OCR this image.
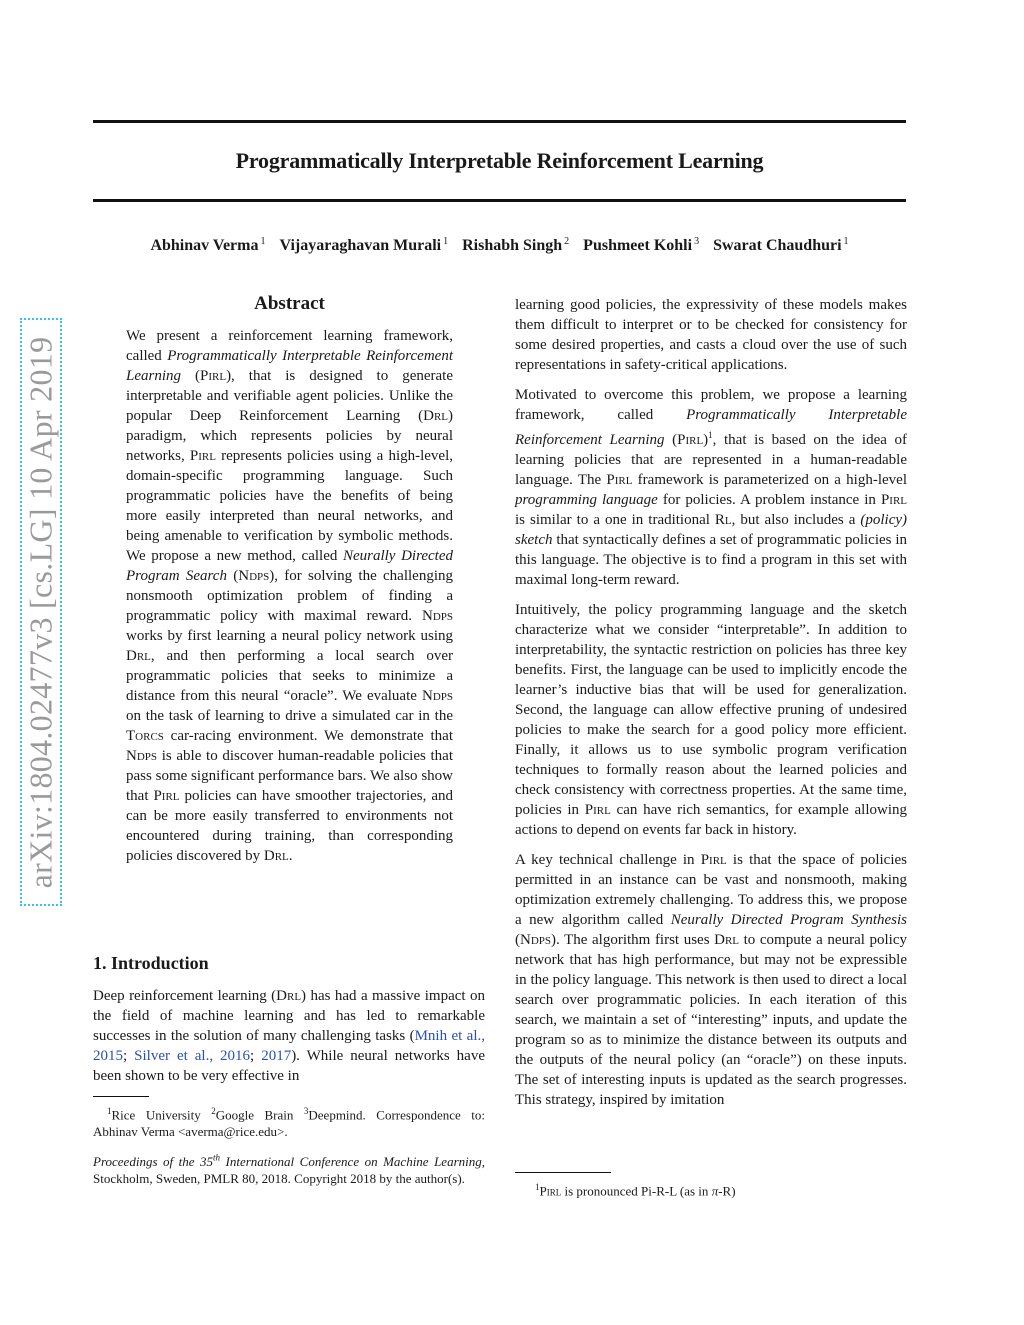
Programmatically Interpretable Reinforcement Learning
Abhinav Verma $^1$ Vijayaraghavan Murali $^1$ Rishabh Singh $^2$ Pushmeet Kohli $^3$ Swarat Chaudhuri $^1$
arXiv:1804.02477v3 [cs.LG] 10 Apr 2019
Abstract

We present a reinforcement learning framework, called Programmatically Interpretable Reinforcement Learning (Pirl), that is designed to generate interpretable and verifiable agent policies. Unlike the popular Deep Reinforcement Learning (Drl) paradigm, which represents policies by neural networks, Pirl represents policies using a high-level, domain-specific programming language. Such programmatic policies have the benefits of being more easily interpreted than neural networks, and being amenable to verification by symbolic methods. We propose a new method, called Neurally Directed Program Search (Ndps), for solving the challenging nonsmooth optimization problem of finding a programmatic policy with maximal reward. Ndps works by first learning a neural policy network using Drl, and then performing a local search over programmatic policies that seeks to minimize a distance from this neural “oracle”. We evaluate Ndps on the task of learning to drive a simulated car in the Torcs car-racing environment. We demonstrate that Ndps is able to discover human-readable policies that pass some significant performance bars. We also show that Pirl policies can have smoother trajectories, and can be more easily transferred to environments not encountered during training, than corresponding policies discovered by Drl.

1. Introduction

Deep reinforcement learning (Drl) has had a massive impact on the field of machine learning and has led to remarkable successes in the solution of many challenging tasks (Mnih et al., 2015; Silver et al., 2016; 2017). While neural networks have been shown to be very effective in

$^1$Rice University $^2$Google Brain $^3$Deepmind. Correspondence to: Abhinav Verma <averma@rice.edu>.

Proceedings of the 35th International Conference on Machine Learning, Stockholm, Sweden, PMLR 80, 2018. Copyright 2018 by the author(s).

learning good policies, the expressivity of these models makes them difficult to interpret or to be checked for consistency for some desired properties, and casts a cloud over the use of such representations in safety-critical applications.

Motivated to overcome this problem, we propose a learning framework, called Programmatically Interpretable Reinforcement Learning (Pirl)$^1$, that is based on the idea of learning policies that are represented in a human-readable language. The Pirl framework is parameterized on a high-level programming language for policies. A problem instance in Pirl is similar to a one in traditional Rl, but also includes a (policy) sketch that syntactically defines a set of programmatic policies in this language. The objective is to find a program in this set with maximal long-term reward.

Intuitively, the policy programming language and the sketch characterize what we consider “interpretable”. In addition to interpretability, the syntactic restriction on policies has three key benefits. First, the language can be used to implicitly encode the learner’s inductive bias that will be used for generalization. Second, the language can allow effective pruning of undesired policies to make the search for a good policy more efficient. Finally, it allows us to use symbolic program verification techniques to formally reason about the learned policies and check consistency with correctness properties. At the same time, policies in Pirl can have rich semantics, for example allowing actions to depend on events far back in history.

A key technical challenge in Pirl is that the space of policies permitted in an instance can be vast and nonsmooth, making optimization extremely challenging. To address this, we propose a new algorithm called Neurally Directed Program Synthesis (Ndps). The algorithm first uses Drl to compute a neural policy network that has high performance, but may not be expressible in the policy language. This network is then used to direct a local search over programmatic policies. In each iteration of this search, we maintain a set of “interesting” inputs, and update the program so as to minimize the distance between its outputs and the outputs of the neural policy (an “oracle”) on these inputs. The set of interesting inputs is updated as the search progresses. This strategy, inspired by imitation

$^1$Pirl is pronounced Pi-R-L (as in π-R)
